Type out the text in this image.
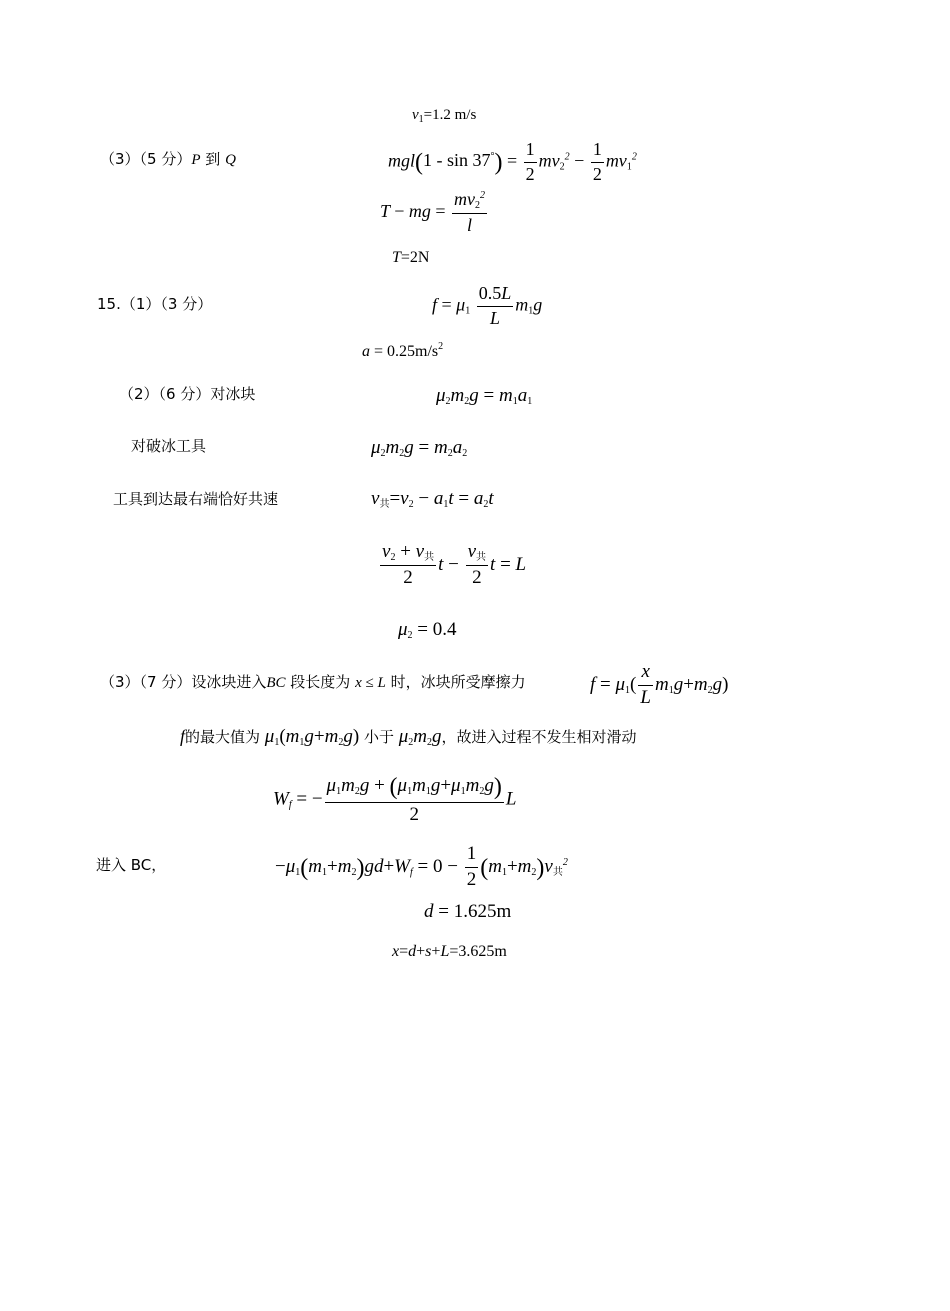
$v_1=1.2$ m/s
（3）（5 分）P 到 Q	$mgl(1 - \sin 37^\circ) = \frac{1}{2} mv2^2 - \frac{1}{2} mv1^2$
T − mg = $\frac{mv2^2}{l}$
T=2N
15.（1）（3 分）	$f = \mu 1 \frac{0.5L}{L} m1g$
$a = 0.25m/s^2$
（2）（6 分）对冰块	μ2m2g = m1a1
对破冰工具	μ2m2g = m2a2
工具到达最右端恰好共速	v共=v2 − a1t = a2t
$\frac{\text{v2 + v共}}{2}$ $t - \frac{\text{v共}}{2}$ t = L
μ2 = 0.4
（3）（7 分）设冰块进入BC 段长度为 x ≤ L 时，冰块所受摩擦力	$f = \mu 1( \frac{x}{L} m1g+m2g)$
f的最大值为 μ1(m1g+m2g) 小于 μ2m2g，故进入过程不发生相对滑动
Wf = − $\frac{\mu 1m2g + (\mu 1m1g+\mu 1m2g)}{2}$ L
进入 BC，	$-\mu 1(m1+m2)gd+Wf = 0 - \frac{1}{2} (m1+m2)v$共$^2$
d = 1.625m
x=d+s+L=3.625m
